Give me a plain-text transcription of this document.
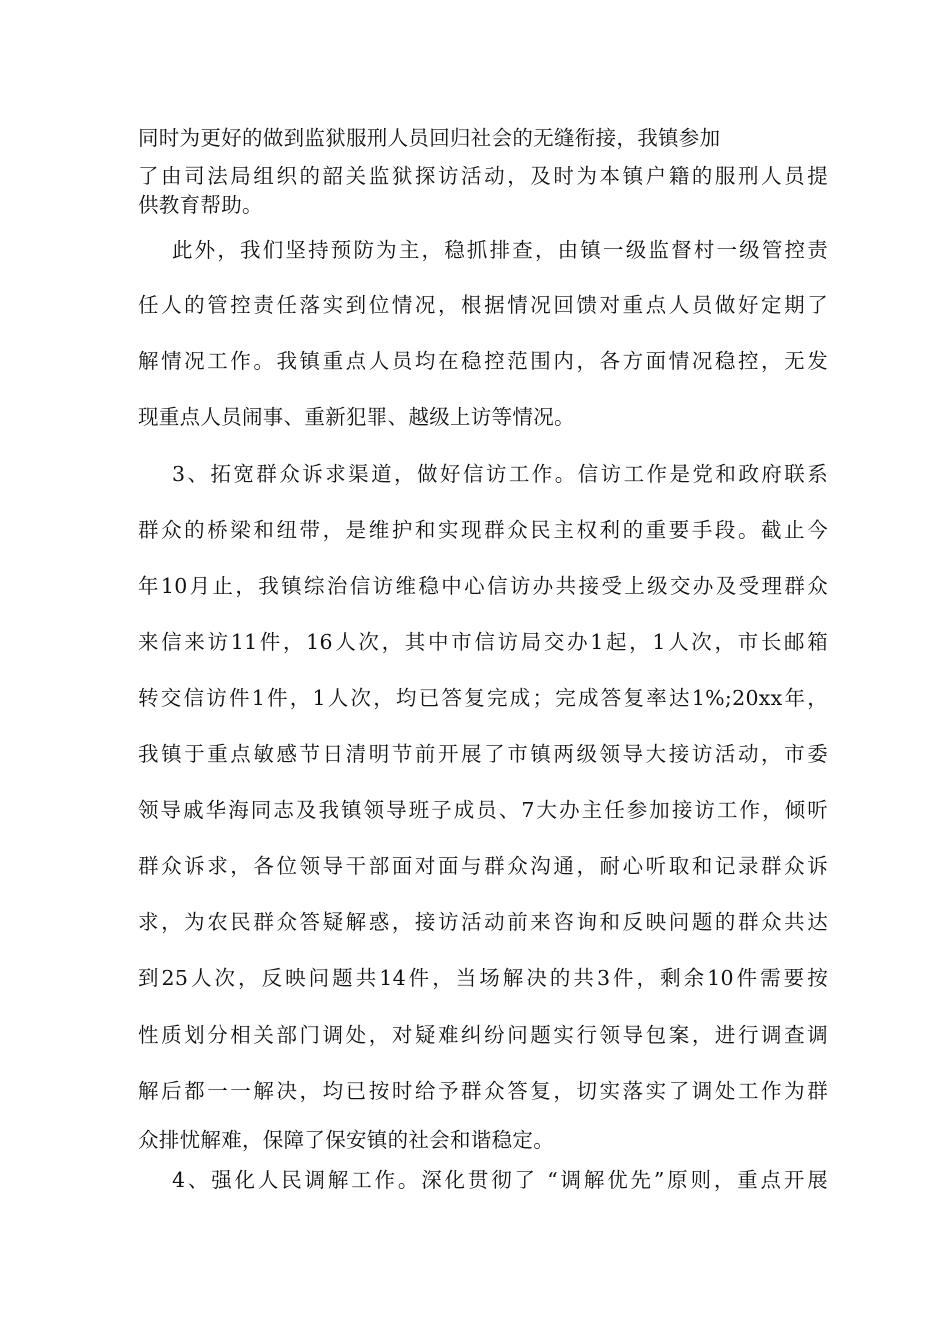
同时为更好的做到监狱服刑人员回归社会的无缝衔接，我镇参加
了由司法局组织的韶关监狱探访活动，及时为本镇户籍的服刑人员提
供教育帮助。
此外，我们坚持预防为主，稳抓排查，由镇一级监督村一级管控责
任人的管控责任落实到位情况，根据情况回馈对重点人员做好定期了
解情况工作。我镇重点人员均在稳控范围内，各方面情况稳控，无发
现重点人员闹事、重新犯罪、越级上访等情况。
3、拓宽群众诉求渠道，做好信访工作。信访工作是党和政府联系
群众的桥梁和纽带，是维护和实现群众民主权利的重要手段。截止今
年10月止，我镇综治信访维稳中心信访办共接受上级交办及受理群众
来信来访11件，16人次，其中市信访局交办1起，1人次，市长邮箱
转交信访件1件，1人次，均已答复完成；完成答复率达1%;20xx年，
我镇于重点敏感节日清明节前开展了市镇两级领导大接访活动，市委
领导戚华海同志及我镇领导班子成员、7大办主任参加接访工作，倾听
群众诉求，各位领导干部面对面与群众沟通，耐心听取和记录群众诉
求，为农民群众答疑解惑，接访活动前来咨询和反映问题的群众共达
到25人次，反映问题共14件，当场解决的共3件，剩余10件需要按
性质划分相关部门调处，对疑难纠纷问题实行领导包案，进行调查调
解后都一一解决，均已按时给予群众答复，切实落实了调处工作为群
众排忧解难，保障了保安镇的社会和谐稳定。
4、强化人民调解工作。深化贯彻了 “调解优先”原则，重点开展
